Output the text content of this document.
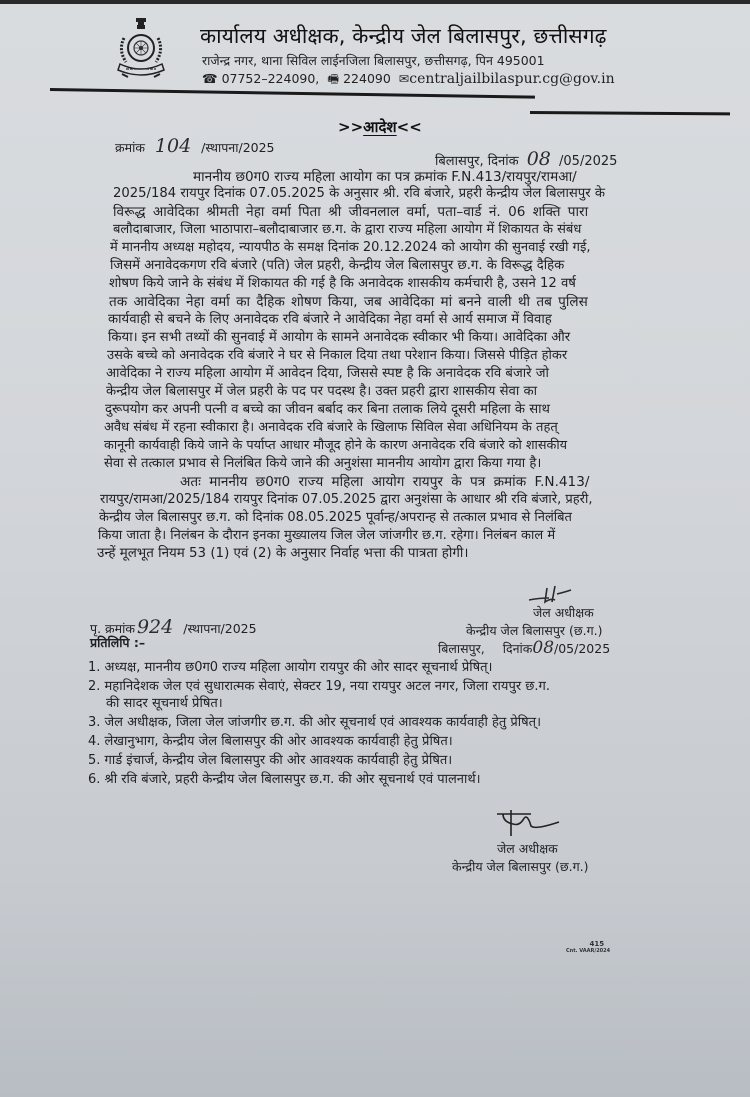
कार्यालय अधीक्षक, केन्द्रीय जेल बिलासपुर, छत्तीसगढ़
राजेन्द्र नगर, थाना सिविल लाईनजिला बिलासपुर, छत्तीसगढ़, पिन 495001
☎ 07752–224090, 🖷 224090 ✉centraljailbilaspur.cg@gov.in
>>आदेश<<
क्रमांक 104 /स्थापना/2025
बिलासपुर, दिनांक 08 /05/2025
माननीय छ0ग0 राज्य महिला आयोग का पत्र क्रमांक F.N.413/रायपुर/रामआ/
2025/184 रायपुर दिनांक 07.05.2025 के अनुसार श्री. रवि बंजारे, प्रहरी केन्द्रीय जेल बिलासपुर के
विरूद्ध आवेदिका श्रीमती नेहा वर्मा पिता श्री जीवनलाल वर्मा, पता–वार्ड नं. 06 शक्ति पारा
बलौदाबाजार, जिला भाठापारा–बलौदाबाजार छ.ग. के द्वारा राज्य महिला आयोग में शिकायत के संबंध
में माननीय अध्यक्ष महोदय, न्यायपीठ के समक्ष दिनांक 20.12.2024 को आयोग की सुनवाई रखी गई,
जिसमें अनावेदकगण रवि बंजारे (पति) जेल प्रहरी, केन्द्रीय जेल बिलासपुर छ.ग. के विरूद्ध दैहिक
शोषण किये जाने के संबंध में शिकायत की गई है कि अनावेदक शासकीय कर्मचारी है, उसने 12 वर्ष
तक आवेदिका नेहा वर्मा का दैहिक शोषण किया, जब आवेदिका मां बनने वाली थी तब पुलिस
कार्यवाही से बचने के लिए अनावेदक रवि बंजारे ने आवेदिका नेहा वर्मा से आर्य समाज में विवाह
किया। इन सभी तथ्यों की सुनवाई में आयोग के सामने अनावेदक स्वीकार भी किया। आवेदिका और
उसके बच्चे को अनावेदक रवि बंजारे ने घर से निकाल दिया तथा परेशान किया। जिससे पीड़ित होकर
आवेदिका ने राज्य महिला आयोग में आवेदन दिया, जिससे स्पष्ट है कि अनावेदक रवि बंजारे जो
केन्द्रीय जेल बिलासपुर में जेल प्रहरी के पद पर पदस्थ है। उक्त प्रहरी द्वारा शासकीय सेवा का
दुरूपयोग कर अपनी पत्नी व बच्चे का जीवन बर्बाद कर बिना तलाक लिये दूसरी महिला के साथ
अवैध संबंध में रहना स्वीकारा है। अनावेदक रवि बंजारे के खिलाफ सिविल सेवा अधिनियम के तहत्
कानूनी कार्यवाही किये जाने के पर्याप्त आधार मौजूद होने के कारण अनावेदक रवि बंजारे को शासकीय
सेवा से तत्काल प्रभाव से निलंबित किये जाने की अनुशंसा माननीय आयोग द्वारा किया गया है।
अतः माननीय छ0ग0 राज्य महिला आयोग रायपुर के पत्र क्रमांक F.N.413/
रायपुर/रामआ/2025/184 रायपुर दिनांक 07.05.2025 द्वारा अनुशंसा के आधार श्री रवि बंजारे, प्रहरी,
केन्द्रीय जेल बिलासपुर छ.ग. को दिनांक 08.05.2025 पूर्वान्ह/अपरान्ह से तत्काल प्रभाव से निलंबित
किया जाता है। निलंबन के दौरान इनका मुख्यालय जिल जेल जांजगीर छ.ग. रहेगा। निलंबन काल में
उन्हें मूलभूत नियम 53 (1) एवं (2) के अनुसार निर्वाह भत्ता की पात्रता होगी।
जेल अधीक्षक
केन्द्रीय जेल बिलासपुर (छ.ग.)
पृ. क्रमांक 924 /स्थापना/2025
प्रतिलिपि :–	बिलासपुर, दिनांक08/05/2025
1. अध्यक्ष, माननीय छ0ग0 राज्य महिला आयोग रायपुर की ओर सादर सूचनार्थ प्रेषित्।
2. महानिदेशक जेल एवं सुधारात्मक सेवाएं, सेक्टर 19, नया रायपुर अटल नगर, जिला रायपुर छ.ग.
की सादर सूचनार्थ प्रेषित।
3. जेल अधीक्षक, जिला जेल जांजगीर छ.ग. की ओर सूचनार्थ एवं आवश्यक कार्यवाही हेतु प्रेषित्।
4. लेखानुभाग, केन्द्रीय जेल बिलासपुर की ओर आवश्यक कार्यवाही हेतु प्रेषित।
5. गार्ड इंचार्ज, केन्द्रीय जेल बिलासपुर की ओर आवश्यक कार्यवाही हेतु प्रेषित।
6. श्री रवि बंजारे, प्रहरी केन्द्रीय जेल बिलासपुर छ.ग. की ओर सूचनार्थ एवं पालनार्थ।
जेल अधीक्षक
केन्द्रीय जेल बिलासपुर (छ.ग.)
415
Cnt. VAAR/2024
